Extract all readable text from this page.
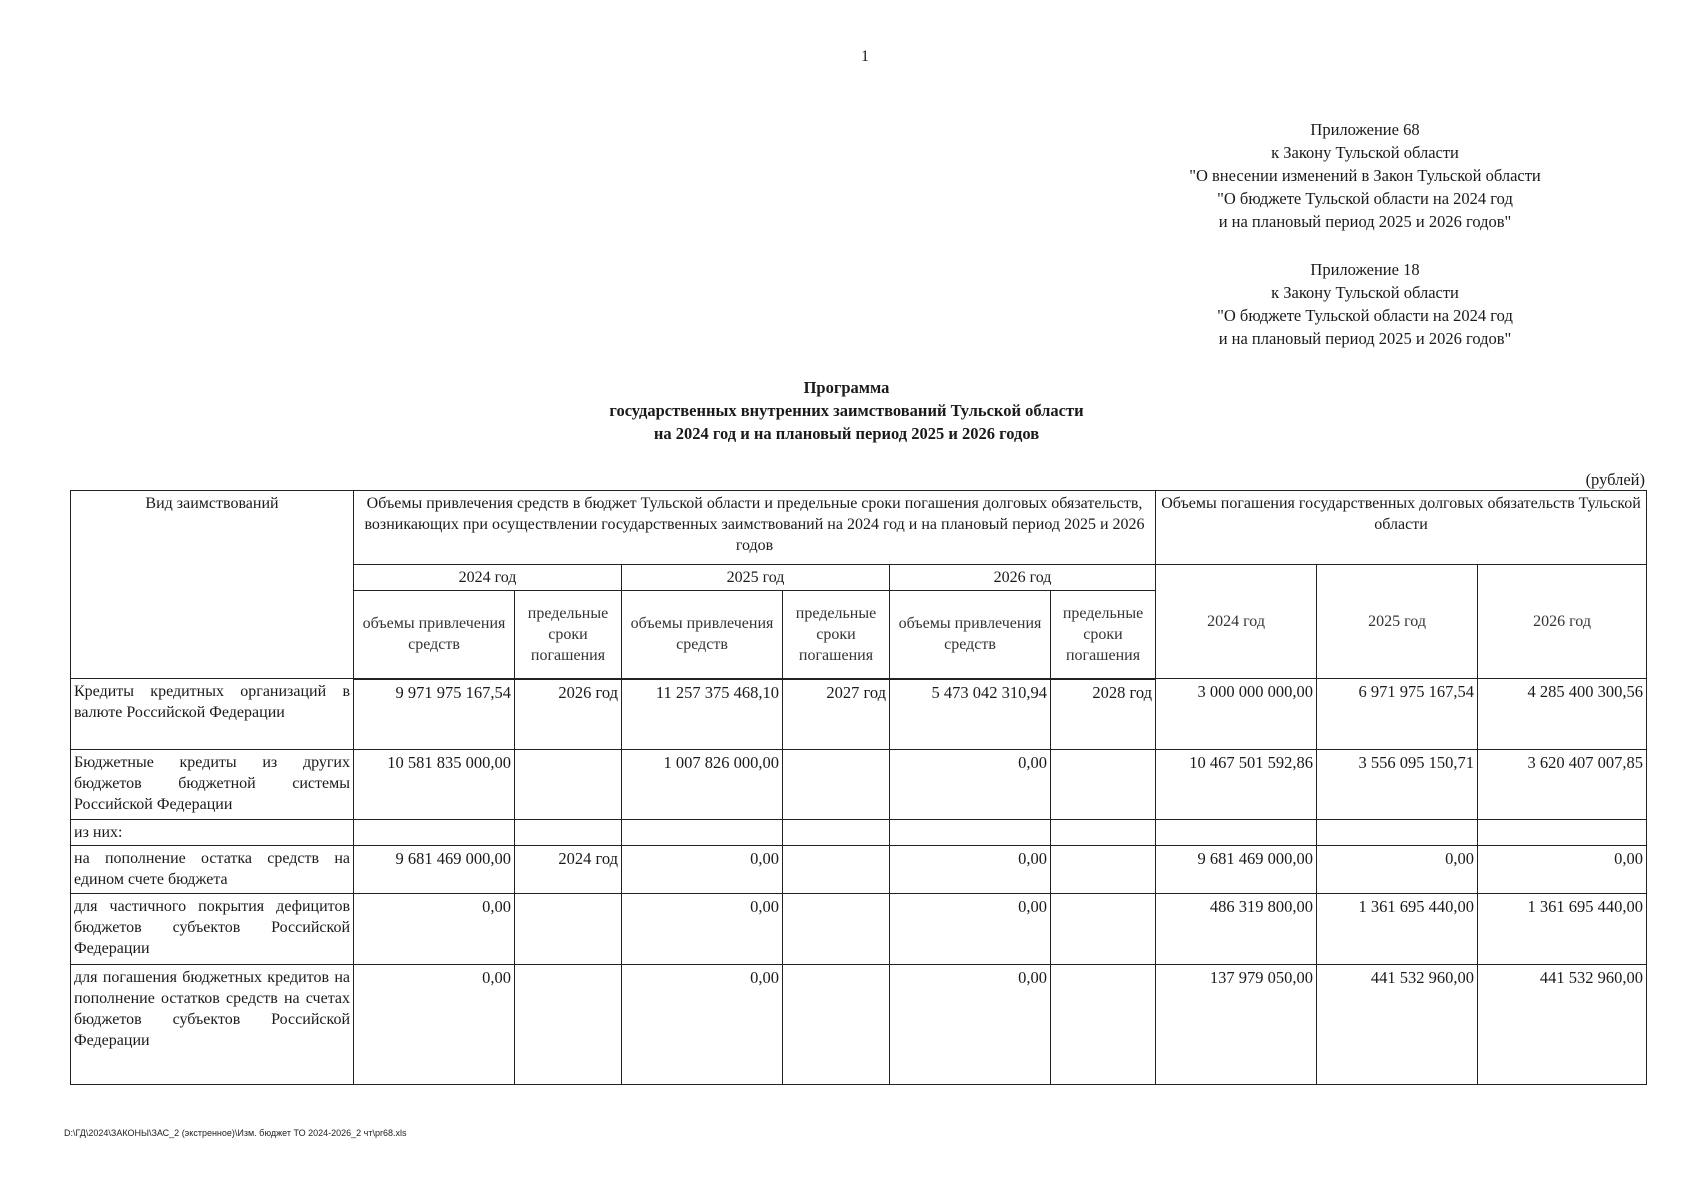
1
Приложение 68
к Закону Тульской области
"О внесении изменений в Закон Тульской области
"О бюджете Тульской области на 2024 год
и на плановый период 2025 и 2026 годов"
Приложение 18
к Закону Тульской области
"О бюджете Тульской области на 2024 год
и на плановый период 2025 и 2026 годов"
Программа
государственных внутренних заимствований Тульской области
на 2024 год и на плановый период 2025 и 2026 годов
(рублей)
Вид заимствований	Объемы привлечения средств в бюджет Тульской области и предельные сроки погашения долговых обязательств, возникающих при осуществлении государственных заимствований на 2024 год и на плановый период 2025 и 2026 годов						Объемы погашения государственных долговых обязательств Тульской области		
	2024 год		2025 год		2026 год		2024 год	2025 год	2026 год
	объемы привлечения средств	предельные сроки погашения	объемы привлечения средств	предельные сроки погашения	объемы привлечения средств	предельные сроки погашения			
Кредиты кредитных организаций в валюте Российской Федерации	9 971 975 167,54	2026 год	11 257 375 468,10	2027 год	5 473 042 310,94	2028 год	3 000 000 000,00	6 971 975 167,54	4 285 400 300,56
Бюджетные кредиты из других бюджетов бюджетной системы Российской Федерации	10 581 835 000,00		1 007 826 000,00		0,00		10 467 501 592,86	3 556 095 150,71	3 620 407 007,85
из них:									
на пополнение остатка средств на едином счете бюджета	9 681 469 000,00	2024 год	0,00		0,00		9 681 469 000,00	0,00	0,00
для частичного покрытия дефицитов бюджетов субъектов Российской Федерации	0,00		0,00		0,00		486 319 800,00	1 361 695 440,00	1 361 695 440,00
для погашения бюджетных кредитов на пополнение остатков средств на счетах бюджетов субъектов Российской Федерации	0,00		0,00		0,00		137 979 050,00	441 532 960,00	441 532 960,00
D:\ГД\2024\ЗАКОНЫ\ЗАС_2 (экстренное)\Изм. бюджет ТО 2024-2026_2 чт\pr68.xls
